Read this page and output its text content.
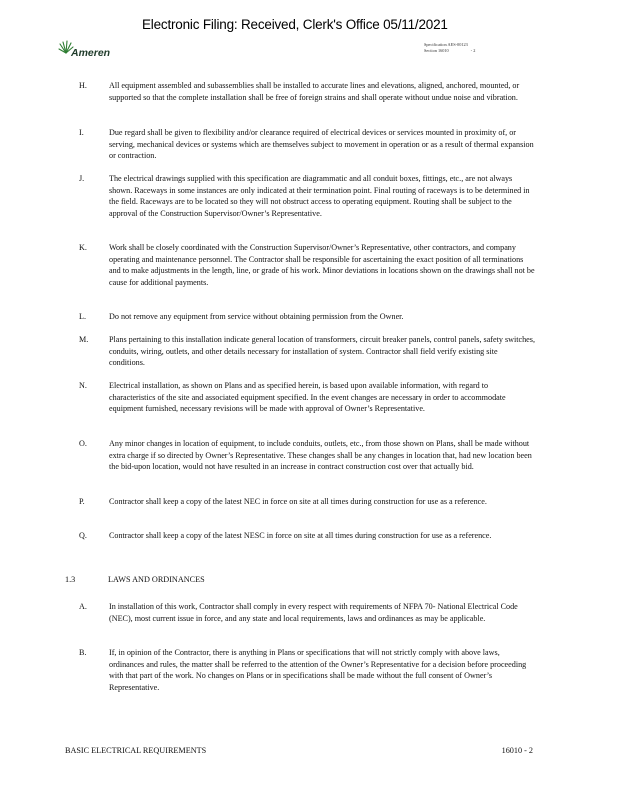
Electronic Filing: Received, Clerk's Office 05/11/2021
Ameren
Specification AES-00123
Section 16010	- 2
H.	All equipment assembled and subassemblies shall be installed to accurate lines and elevations, aligned, anchored, mounted, or supported so that the complete installation shall be free of foreign strains and shall operate without undue noise and vibration.
I.	Due regard shall be given to flexibility and/or clearance required of electrical devices or services mounted in proximity of, or serving, mechanical devices or systems which are themselves subject to movement in operation or as a result of thermal expansion or contraction.
J.	The electrical drawings supplied with this specification are diagrammatic and all conduit boxes, fittings, etc., are not always shown. Raceways in some instances are only indicated at their termination point. Final routing of raceways is to be determined in the field. Raceways are to be located so they will not obstruct access to operating equipment. Routing shall be subject to the approval of the Construction Supervisor/Owner’s Representative.
K.	Work shall be closely coordinated with the Construction Supervisor/Owner’s Representative, other contractors, and company operating and maintenance personnel. The Contractor shall be responsible for ascertaining the exact position of all terminations and to make adjustments in the length, line, or grade of his work. Minor deviations in locations shown on the drawings shall not be cause for additional payments.
L.	Do not remove any equipment from service without obtaining permission from the Owner.
M.	Plans pertaining to this installation indicate general location of transformers, circuit breaker panels, control panels, safety switches, conduits, wiring, outlets, and other details necessary for installation of system. Contractor shall field verify existing site conditions.
N.	Electrical installation, as shown on Plans and as specified herein, is based upon available information, with regard to characteristics of the site and associated equipment specified. In the event changes are necessary in order to accommodate equipment furnished, necessary revisions will be made with approval of Owner’s Representative.
O.	Any minor changes in location of equipment, to include conduits, outlets, etc., from those shown on Plans, shall be made without extra charge if so directed by Owner’s Representative. These changes shall be any changes in location that, had new location been the bid-upon location, would not have resulted in an increase in contract construction cost over that actually bid.
P.	Contractor shall keep a copy of the latest NEC in force on site at all times during construction for use as a reference.
Q.	Contractor shall keep a copy of the latest NESC in force on site at all times during construction for use as a reference.
1.3	LAWS AND ORDINANCES
A.	In installation of this work, Contractor shall comply in every respect with requirements of NFPA 70- National Electrical Code (NEC), most current issue in force, and any state and local requirements, laws and ordinances as may be applicable.
B.	If, in opinion of the Contractor, there is anything in Plans or specifications that will not strictly comply with above laws, ordinances and rules, the matter shall be referred to the attention of the Owner’s Representative for a decision before proceeding with that part of the work. No changes on Plans or in specifications shall be made without the full consent of Owner’s Representative.
BASIC ELECTRICAL REQUIREMENTS	16010 - 2
